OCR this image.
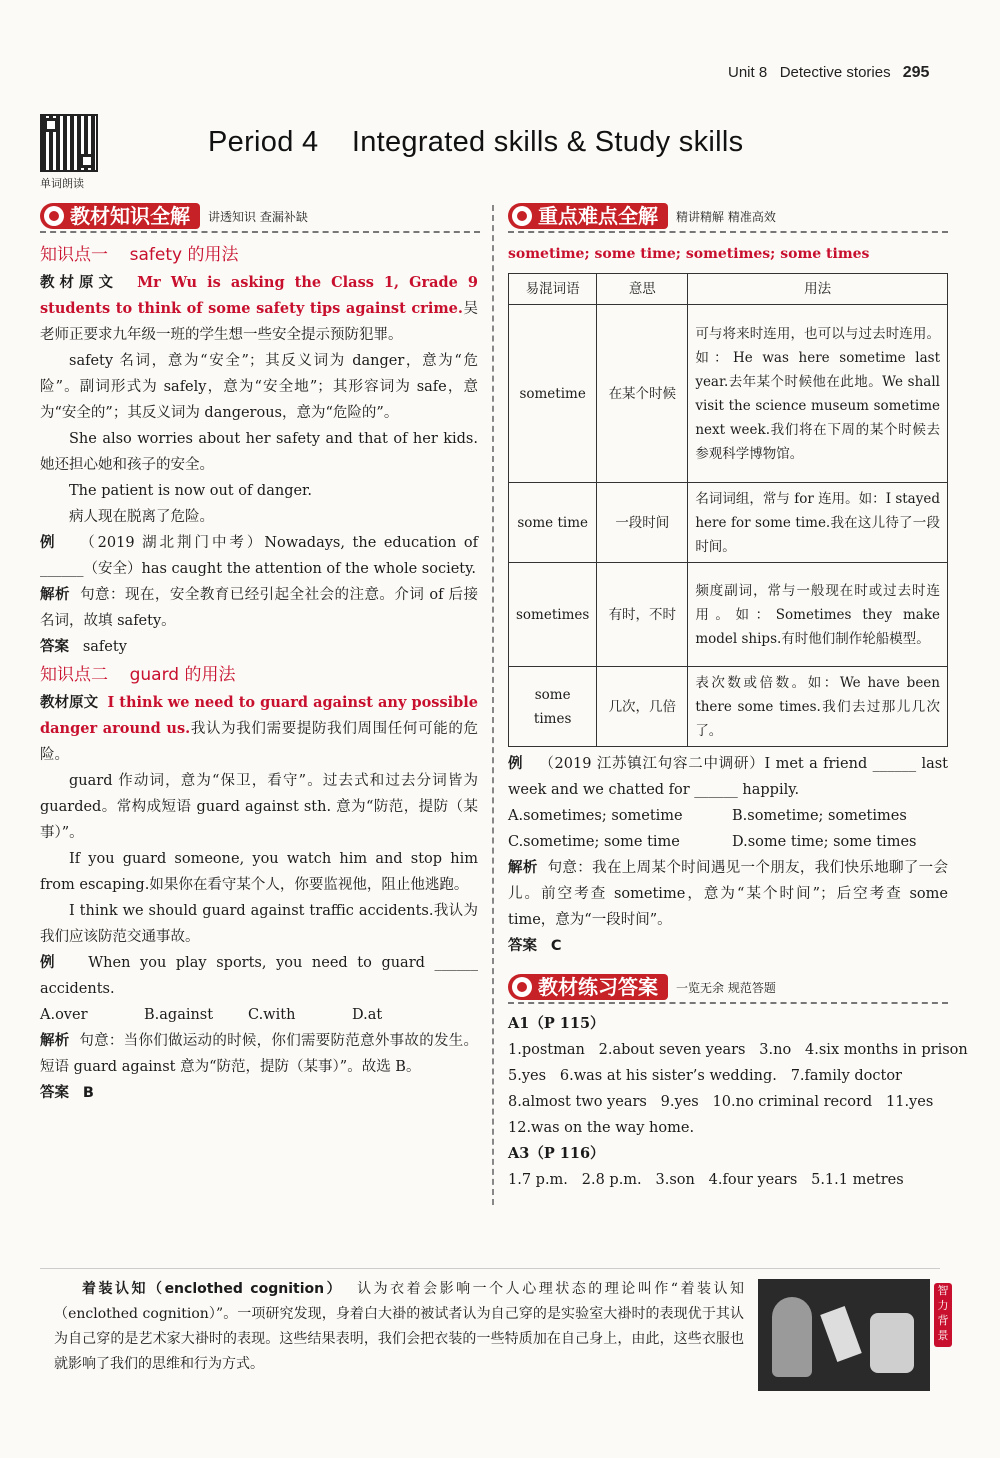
Unit 8 Detective stories 295
单词朗读
Period 4    Integrated skills & Study skills
教材知识全解	讲透知识 查漏补缺

知识点一    safety 的用法

教材原文 Mr Wu is asking the Class 1, Grade 9 students to think of some safety tips against crime.吴老师正要求九年级一班的学生想一些安全提示预防犯罪。

safety 名词，意为“安全”；其反义词为 danger，意为“危险”。副词形式为 safely，意为“安全地”；其形容词为 safe，意为“安全的”；其反义词为 dangerous，意为“危险的”。

She also worries about her safety and that of her kids.她还担心她和孩子的安全。

The patient is now out of danger.

病人现在脱离了危险。

例 （2019 湖北荆门中考）Nowadays, the education of ______（安全）has caught the attention of the whole society.

解析 句意：现在，安全教育已经引起全社会的注意。介词 of 后接名词，故填 safety。

答案 safety

知识点二    guard 的用法

教材原文 I think we need to guard against any possible danger around us.我认为我们需要提防我们周围任何可能的危险。

guard 作动词，意为“保卫，看守”。过去式和过去分词皆为 guarded。常构成短语 guard against sth. 意为“防范，提防（某事）”。

If you guard someone, you watch him and stop him from escaping.如果你在看守某个人，你要监视他，阻止他逃跑。

I think we should guard against traffic accidents.我认为我们应该防范交通事故。

例 When you play sports, you need to guard ______ accidents.

A.over	B.against	C.with	D.at

解析 句意：当你们做运动的时候，你们需要防范意外事故的发生。短语 guard against 意为“防范，提防（某事）”。故选 B。

答案 B

重点难点全解	精讲精解 精准高效

sometime; some time; sometimes; some times

易混词语	意思	用法
sometime	在某个时候	可与将来时连用，也可以与过去时连用。如：He was here sometime last year.去年某个时候他在此地。We shall visit the science museum sometime next week.我们将在下周的某个时候去参观科学博物馆。
some time	一段时间	名词词组，常与 for 连用。如：I stayed here for some time.我在这儿待了一段时间。
sometimes	有时，不时	频度副词，常与一般现在时或过去时连用。如：Sometimes they make model ships.有时他们制作轮船模型。
some times	几次，几倍	表次数或倍数。如：We have been there some times.我们去过那儿几次了。

例 （2019 江苏镇江句容二中调研）I met a friend ______ last week and we chatted for ______ happily.

A.sometimes; sometime	B.sometime; sometimes

C.sometime; some time	D.some time; some times

解析 句意：我在上周某个时间遇见一个朋友，我们快乐地聊了一会儿。前空考查 sometime，意为“某个时间”；后空考查 some time，意为“一段时间”。

答案 C

教材练习答案	一览无余 规范答题

A1（P 115）

1.postman   2.about seven years   3.no   4.six months in prison

5.yes   6.was at his sister’s wedding.   7.family doctor

8.almost two years   9.yes   10.no criminal record   11.yes

12.was on the way home.

A3（P 116）

1.7 p.m.   2.8 p.m.   3.son   4.four years   5.1.1 metres

着装认知（enclothed cognition） 认为衣着会影响一个人心理状态的理论叫作“着装认知（enclothed cognition）”。一项研究发现，身着白大褂的被试者认为自己穿的是实验室大褂时的表现优于其认为自己穿的是艺术家大褂时的表现。这些结果表明，我们会把衣装的一些特质加在自己身上，由此，这些衣服也就影响了我们的思维和行为方式。
智力背景
